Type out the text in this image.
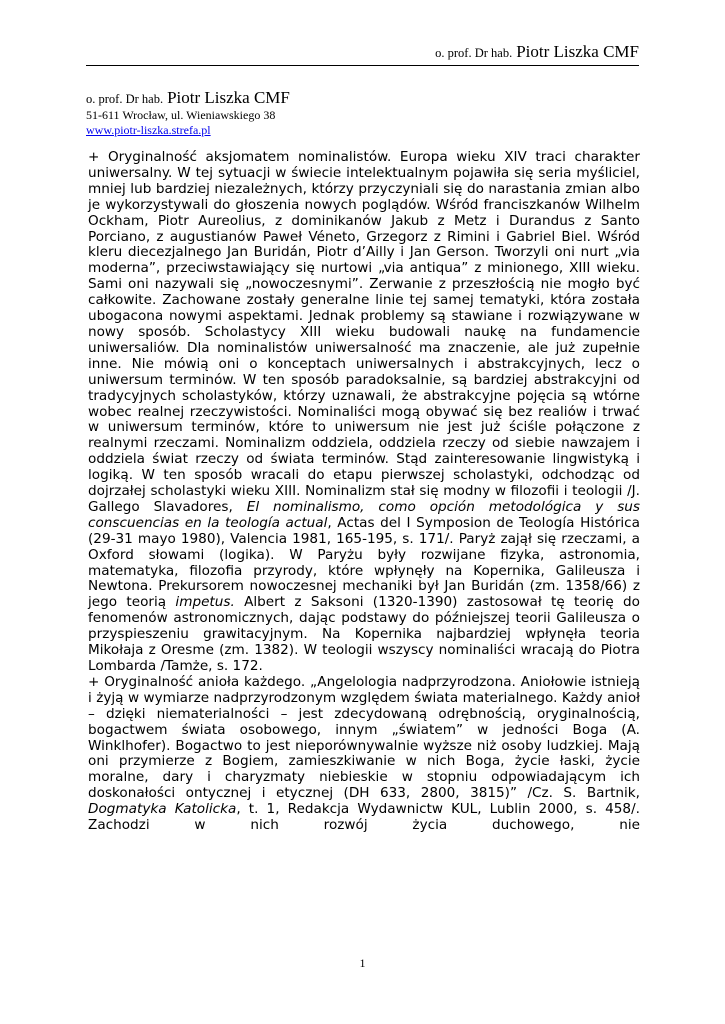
o. prof. Dr hab. Piotr Liszka CMF
o. prof. Dr hab. Piotr Liszka CMF
51-611 Wrocław, ul. Wieniawskiego 38
www.piotr-liszka.strefa.pl

+ Oryginalność aksjomatem nominalistów. Europa wieku XIV traci charakter uniwersalny. W tej sytuacji w świecie intelektualnym pojawiła się seria myśliciel, mniej lub bardziej niezależnych, którzy przyczyniali się do narastania zmian albo je wykorzystywali do głoszenia nowych poglądów. Wśród franciszkanów Wilhelm Ockham, Piotr Aureolius, z dominikanów Jakub z Metz i Durandus z Santo Porciano, z augustianów Paweł Véneto, Grzegorz z Rimini i Gabriel Biel. Wśród kleru diecezjalnego Jan Buridán, Piotr d’Ailly i Jan Gerson. Tworzyli oni nurt „via moderna”, przeciwstawiający się nurtowi „via antiqua” z minionego, XIII wieku. Sami oni nazywali się „nowoczesnymi”. Zerwanie z przeszłością nie mogło być całkowite. Zachowane zostały generalne linie tej samej tematyki, która została ubogacona nowymi aspektami. Jednak problemy są stawiane i rozwiązywane w nowy sposób. Scholastycy XIII wieku budowali naukę na fundamencie uniwersaliów. Dla nominalistów uniwersalność ma znaczenie, ale już zupełnie inne. Nie mówią oni o konceptach uniwersalnych i abstrakcyjnych, lecz o uniwersum terminów. W ten sposób paradoksalnie, są bardziej abstrakcyjni od tradycyjnych scholastyków, którzy uznawali, że abstrakcyjne pojęcia są wtórne wobec realnej rzeczywistości. Nominaliści mogą obywać się bez realiów i trwać w uniwersum terminów, które to uniwersum nie jest już ściśle połączone z realnymi rzeczami. Nominalizm oddziela, oddziela rzeczy od siebie nawzajem i oddziela świat rzeczy od świata terminów. Stąd zainteresowanie lingwistyką i logiką. W ten sposób wracali do etapu pierwszej scholastyki, odchodząc od dojrzałej scholastyki wieku XIII. Nominalizm stał się modny w filozofii i teologii /J. Gallego Slavadores, El nominalismo, como opción metodológica y sus conscuencias en la teología actual, Actas del I Symposion de Teología Histórica (29-31 mayo 1980), Valencia 1981, 165-195, s. 171/. Paryż zajął się rzeczami, a Oxford słowami (logika). W Paryżu były rozwijane fizyka, astronomia, matematyka, filozofia przyrody, które wpłynęły na Kopernika, Galileusza i Newtona. Prekursorem nowoczesnej mechaniki był Jan Buridán (zm. 1358/66) z jego teorią impetus. Albert z Saksoni (1320-1390) zastosował tę teorię do fenomenów astronomicznych, dając podstawy do późniejszej teorii Galileusza o przyspieszeniu grawitacyjnym. Na Kopernika najbardziej wpłynęła teoria Mikołaja z Oresme (zm. 1382). W teologii wszyscy nominaliści wracają do Piotra Lombarda /Tamże, s. 172.

+ Oryginalność anioła każdego. „Angelologia nadprzyrodzona. Aniołowie istnieją i żyją w wymiarze nadprzyrodzonym względem świata materialnego. Każdy anioł – dzięki niematerialności – jest zdecydowaną odrębnością, oryginalnością, bogactwem świata osobowego, innym „światem” w jedności Boga (A. Winklhofer). Bogactwo to jest nieporównywalnie wyższe niż osoby ludzkiej. Mają oni przymierze z Bogiem, zamieszkiwanie w nich Boga, życie łaski, życie moralne, dary i charyzmaty niebieskie w stopniu odpowiadającym ich doskonałości ontycznej i etycznej (DH 633, 2800, 3815)” /Cz. S. Bartnik, Dogmatyka Katolicka, t. 1, Redakcja Wydawnictw KUL, Lublin 2000, s. 458/. Zachodzi w nich rozwój życia duchowego, nie

1
